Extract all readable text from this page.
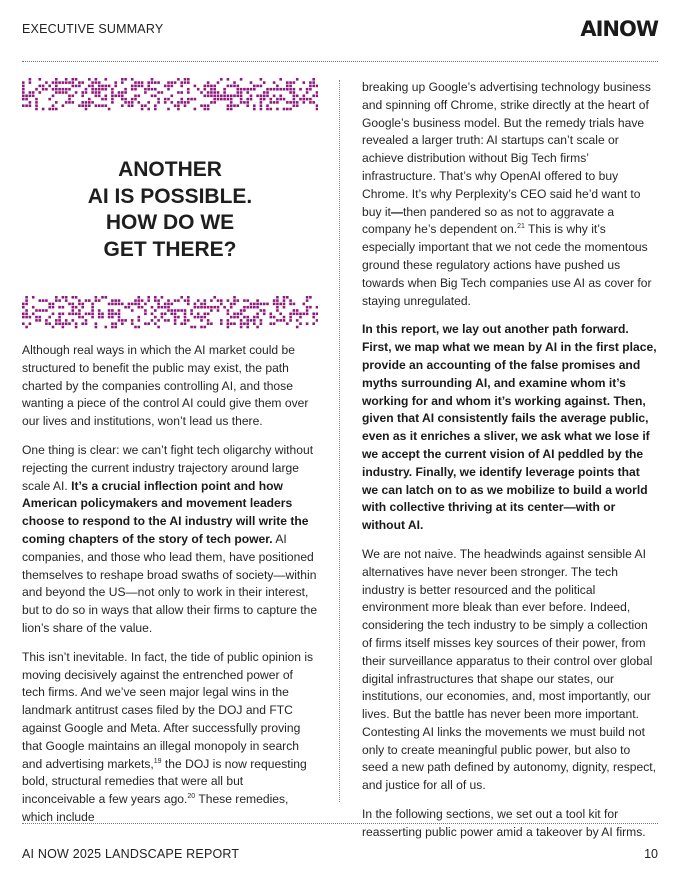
EXECUTIVE SUMMARY	AINOW
ANOTHER
AI IS POSSIBLE.
HOW DO WE
GET THERE?

Although real ways in which the AI market could be structured to benefit the public may exist, the path charted by the companies controlling AI, and those wanting a piece of the control AI could give them over our lives and institutions, won’t lead us there.

One thing is clear: we can’t fight tech oligarchy without rejecting the current industry trajectory around large scale AI. It’s a crucial inflection point and how American policymakers and movement leaders choose to respond to the AI industry will write the coming chapters of the story of tech power. AI companies, and those who lead them, have positioned themselves to reshape broad swaths of society—within and beyond the US—not only to work in their interest, but to do so in ways that allow their firms to capture the lion’s share of the value.

This isn’t inevitable. In fact, the tide of public opinion is moving decisively against the entrenched power of tech firms. And we’ve seen major legal wins in the landmark antitrust cases filed by the DOJ and FTC against Google and Meta. After successfully proving that Google maintains an illegal monopoly in search and advertising markets,$^{19}$ the DOJ is now requesting bold, structural remedies that were all but inconceivable a few years ago.$^{20}$ These remedies, which include

breaking up Google’s advertising technology business and spinning off Chrome, strike directly at the heart of Google’s business model. But the remedy trials have revealed a larger truth: AI startups can’t scale or achieve distribution without Big Tech firms’ infrastructure. That’s why OpenAI offered to buy Chrome. It’s why Perplexity’s CEO said he’d want to buy it—then pandered so as not to aggravate a company he’s dependent on.$^{21}$ This is why it’s especially important that we not cede the momentous ground these regulatory actions have pushed us towards when Big Tech companies use AI as cover for staying unregulated.

In this report, we lay out another path forward. First, we map what we mean by AI in the first place, provide an accounting of the false promises and myths surrounding AI, and examine whom it’s working for and whom it’s working against. Then, given that AI consistently fails the average public, even as it enriches a sliver, we ask what we lose if we accept the current vision of AI peddled by the industry. Finally, we identify leverage points that we can latch on to as we mobilize to build a world with collective thriving at its center—with or without AI.

We are not naive. The headwinds against sensible AI alternatives have never been stronger. The tech industry is better resourced and the political environment more bleak than ever before. Indeed, considering the tech industry to be simply a collection of firms itself misses key sources of their power, from their surveillance apparatus to their control over global digital infrastructures that shape our states, our institutions, our economies, and, most importantly, our lives. But the battle has never been more important. Contesting AI links the movements we must build not only to create meaningful public power, but also to seed a new path defined by autonomy, dignity, respect, and justice for all of us.

In the following sections, we set out a tool kit for reasserting public power amid a takeover by AI firms.

AI NOW 2025 LANDSCAPE REPORT	10
